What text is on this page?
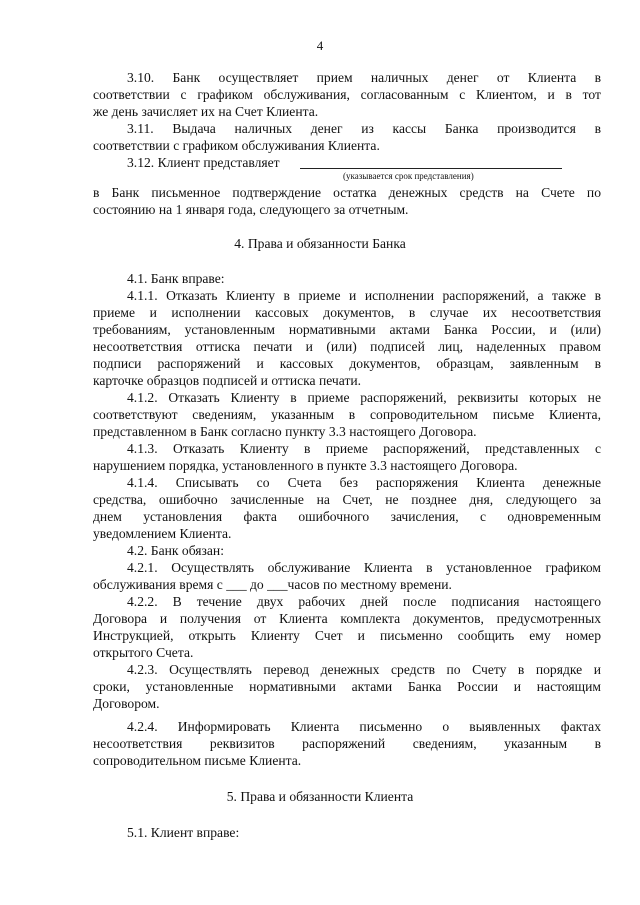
4
3.10. Банк осуществляет прием наличных денег от Клиента в
соответствии с графиком обслуживания, согласованным с Клиентом, и в тот
же день зачисляет их на Счет Клиента.
3.11. Выдача наличных денег из кассы Банка производится в
соответствии с графиком обслуживания Клиента.
3.12. Клиент представляет
(указывается срок представления)
в Банк письменное подтверждение остатка денежных средств на Счете по
состоянию на 1 января года, следующего за отчетным.
4. Права и обязанности Банка
4.1. Банк вправе:
4.1.1. Отказать Клиенту в приеме и исполнении распоряжений, а также в
приеме и исполнении кассовых документов, в случае их несоответствия
требованиям, установленным нормативными актами Банка России, и (или)
несоответствия оттиска печати и (или) подписей лиц, наделенных правом
подписи распоряжений и кассовых документов, образцам, заявленным в
карточке образцов подписей и оттиска печати.
4.1.2. Отказать Клиенту в приеме распоряжений, реквизиты которых не
соответствуют сведениям, указанным в сопроводительном письме Клиента,
представленном в Банк согласно пункту 3.3 настоящего Договора.
4.1.3. Отказать Клиенту в приеме распоряжений, представленных с
нарушением порядка, установленного в пункте 3.3 настоящего Договора.
4.1.4. Списывать со Счета без распоряжения Клиента денежные
средства, ошибочно зачисленные на Счет, не позднее дня, следующего за
днем установления факта ошибочного зачисления, с одновременным
уведомлением Клиента.
4.2. Банк обязан:
4.2.1. Осуществлять обслуживание Клиента в установленное графиком
обслуживания время с ___ до ___часов по местному времени.
4.2.2. В течение двух рабочих дней после подписания настоящего
Договора и получения от Клиента комплекта документов, предусмотренных
Инструкцией, открыть Клиенту Счет и письменно сообщить ему номер
открытого Счета.
4.2.3. Осуществлять перевод денежных средств по Счету в порядке и
сроки, установленные нормативными актами Банка России и настоящим
Договором.
4.2.4. Информировать Клиента письменно о выявленных фактах
несоответствия реквизитов распоряжений сведениям, указанным в
сопроводительном письме Клиента.
5. Права и обязанности Клиента
5.1. Клиент вправе:
